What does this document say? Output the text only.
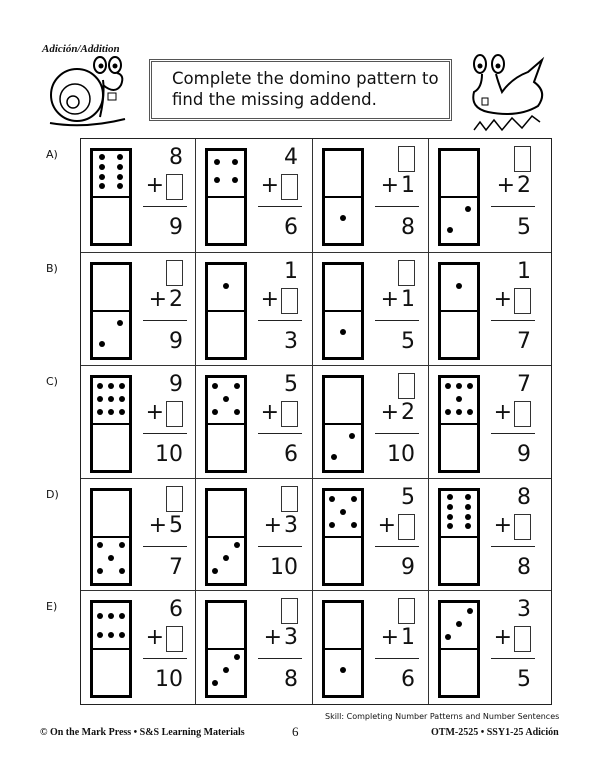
Adición/Addition
Complete the domino pattern to find the missing addend.
8
+
9
4
+
6
+1
8
+2
5
+2
9
1
+
3
+1
5
1
+
7
9
+
10
5
+
6
+2
10
7
+
9
+5
7
+3
10
5
+
9
8
+
8
6
+
10
+3
8
+1
6
3
+
5
A)
B)
C)
D)
E)
Skill: Completing Number Patterns and Number Sentences
© On the Mark Press • S&S Learning Materials	6	OTM-2525 • SSY1-25 Adición
